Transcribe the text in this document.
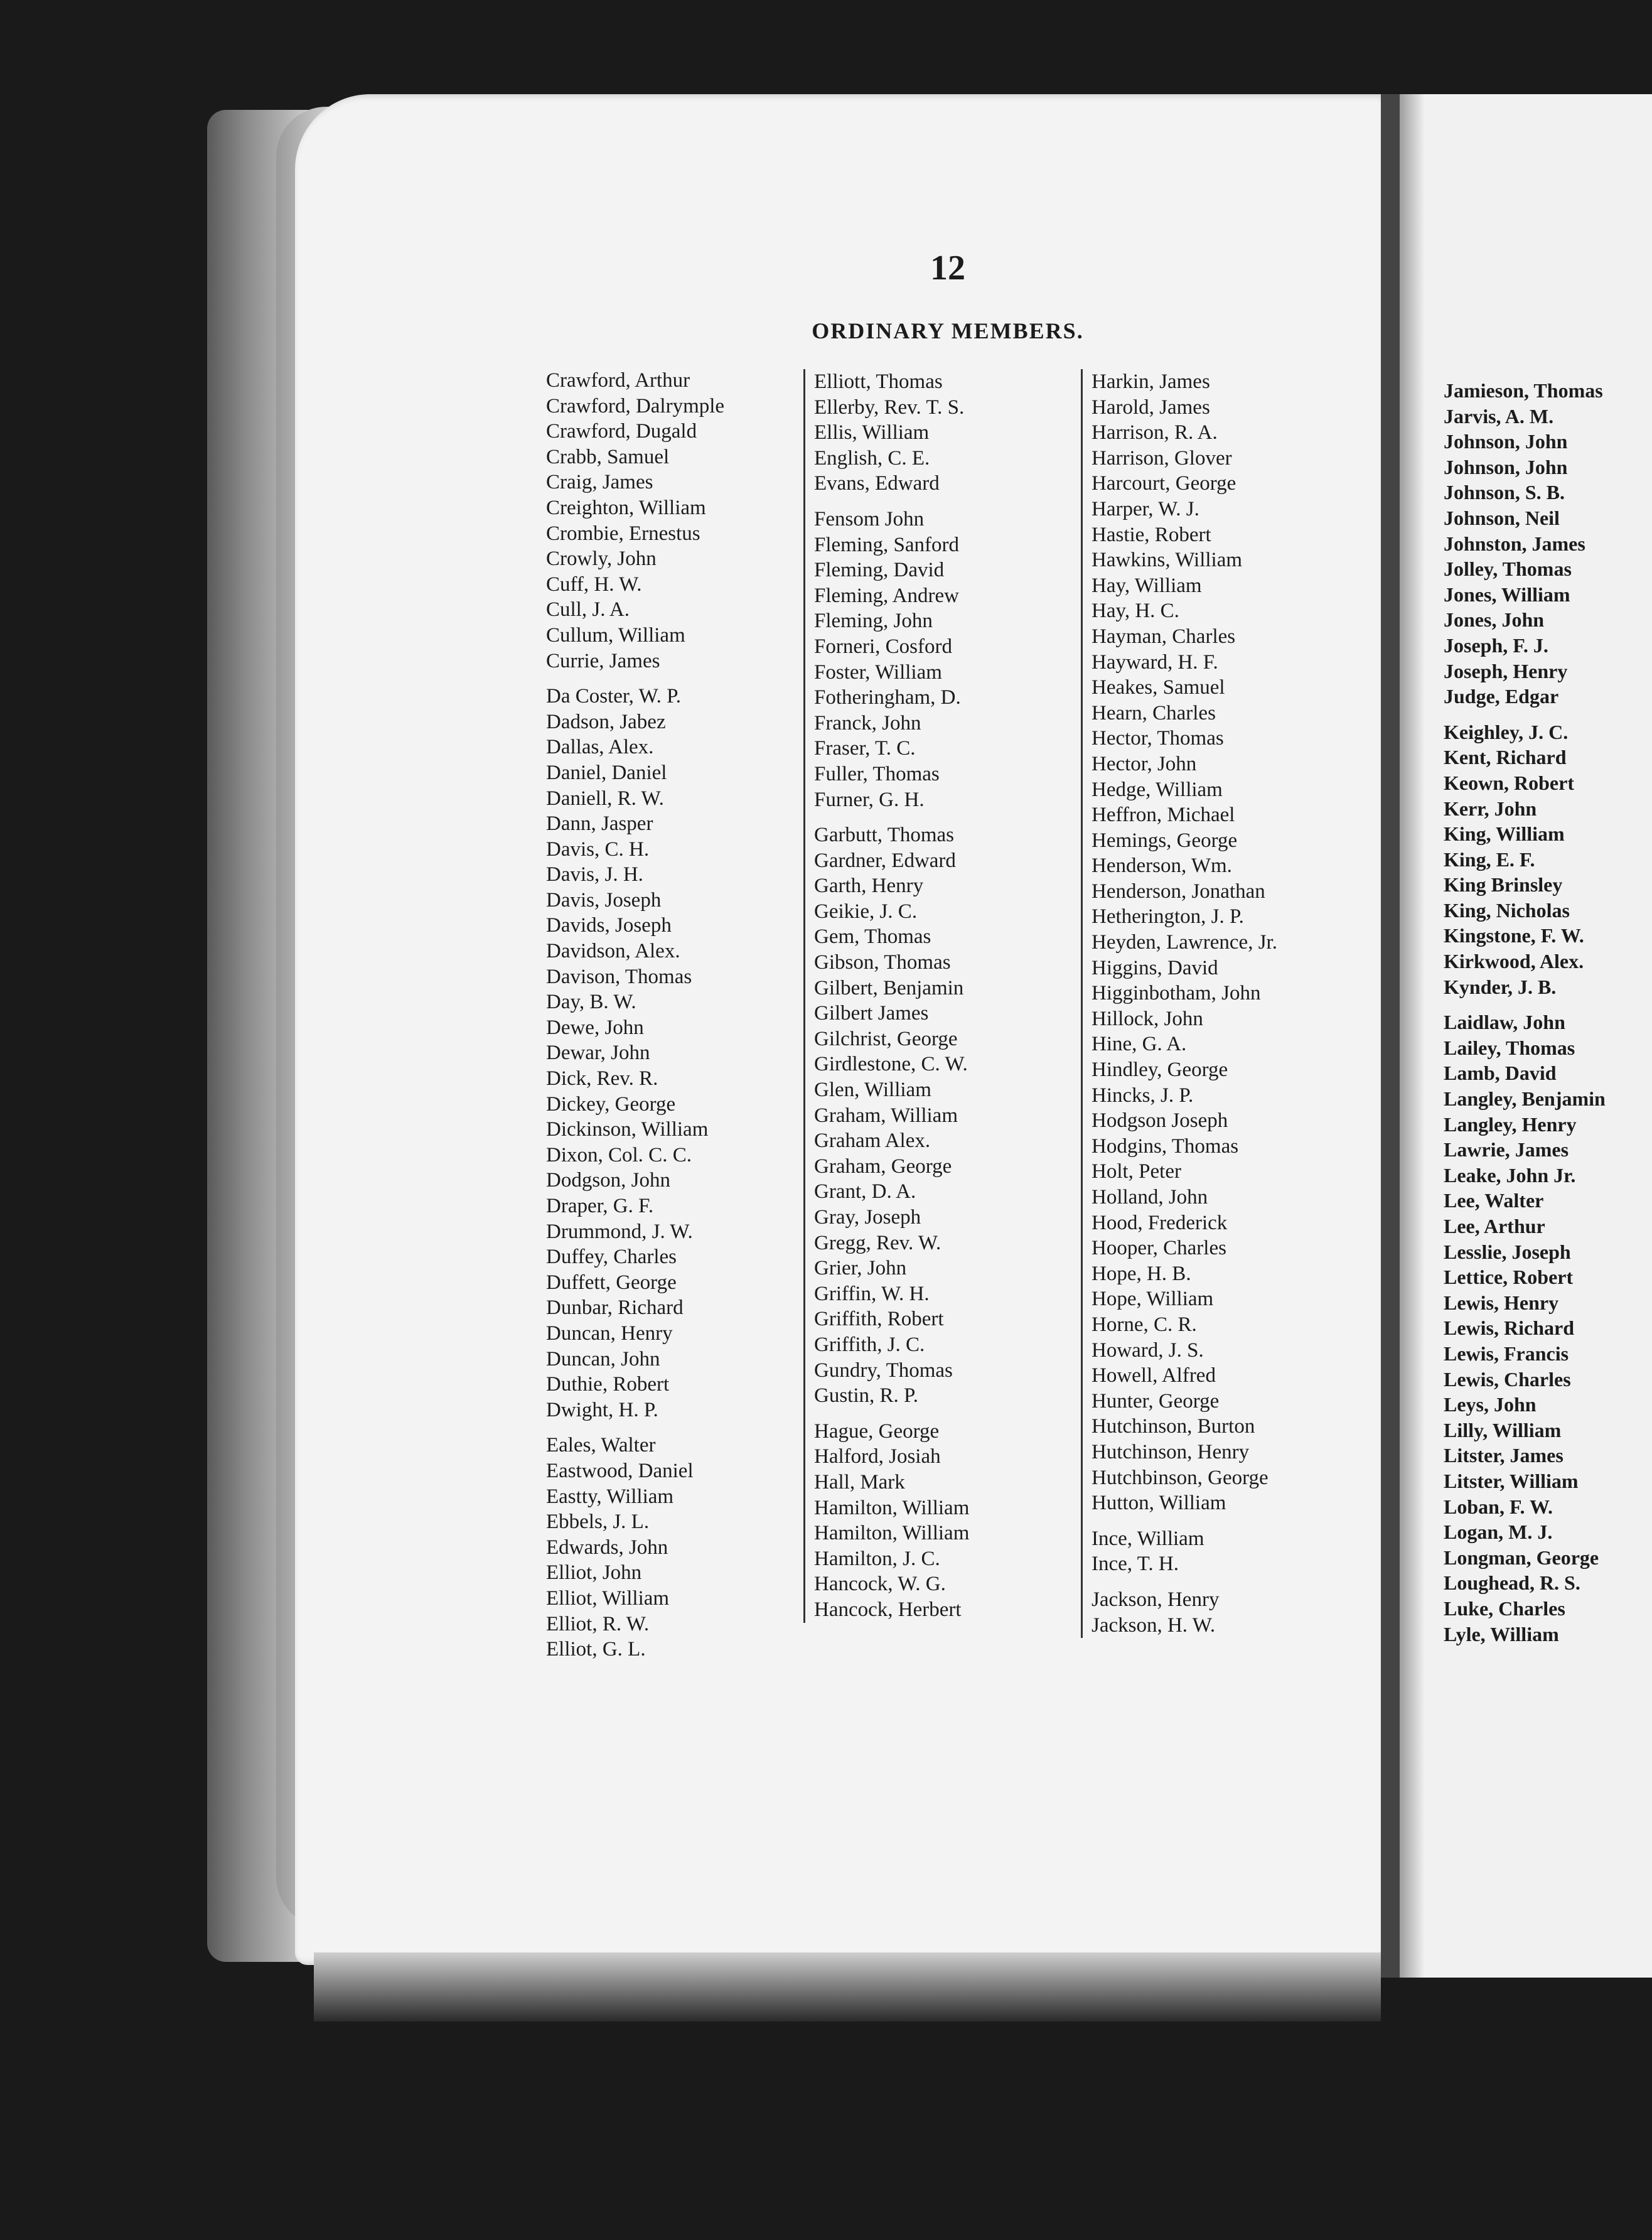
12
ORDINARY MEMBERS.
Crawford, Arthur
Crawford, Dalrymple
Crawford, Dugald
Crabb, Samuel
Craig, James
Creighton, William
Crombie, Ernestus
Crowly, John
Cuff, H. W.
Cull, J. A.
Cullum, William
Currie, James
Da Coster, W. P.
Dadson, Jabez
Dallas, Alex.
Daniel, Daniel
Daniell, R. W.
Dann, Jasper
Davis, C. H.
Davis, J. H.
Davis, Joseph
Davids, Joseph
Davidson, Alex.
Davison, Thomas
Day, B. W.
Dewe, John
Dewar, John
Dick, Rev. R.
Dickey, George
Dickinson, William
Dixon, Col. C. C.
Dodgson, John
Draper, G. F.
Drummond, J. W.
Duffey, Charles
Duffett, George
Dunbar, Richard
Duncan, Henry
Duncan, John
Duthie, Robert
Dwight, H. P.
Eales, Walter
Eastwood, Daniel
Eastty, William
Ebbels, J. L.
Edwards, John
Elliot, John
Elliot, William
Elliot, R. W.
Elliot, G. L.
Elliott, Thomas
Ellerby, Rev. T. S.
Ellis, William
English, C. E.
Evans, Edward
Fensom John
Fleming, Sanford
Fleming, David
Fleming, Andrew
Fleming, John
Forneri, Cosford
Foster, William
Fotheringham, D.
Franck, John
Fraser, T. C.
Fuller, Thomas
Furner, G. H.
Garbutt, Thomas
Gardner, Edward
Garth, Henry
Geikie, J. C.
Gem, Thomas
Gibson, Thomas
Gilbert, Benjamin
Gilbert James
Gilchrist, George
Girdlestone, C. W.
Glen, William
Graham, William
Graham Alex.
Graham, George
Grant, D. A.
Gray, Joseph
Gregg, Rev. W.
Grier, John
Griffin, W. H.
Griffith, Robert
Griffith, J. C.
Gundry, Thomas
Gustin, R. P.
Hague, George
Halford, Josiah
Hall, Mark
Hamilton, William
Hamilton, William
Hamilton, J. C.
Hancock, W. G.
Hancock, Herbert
Harkin, James
Harold, James
Harrison, R. A.
Harrison, Glover
Harcourt, George
Harper, W. J.
Hastie, Robert
Hawkins, William
Hay, William
Hay, H. C.
Hayman, Charles
Hayward, H. F.
Heakes, Samuel
Hearn, Charles
Hector, Thomas
Hector, John
Hedge, William
Heffron, Michael
Hemings, George
Henderson, Wm.
Henderson, Jonathan
Hetherington, J. P.
Heyden, Lawrence, Jr.
Higgins, David
Higginbotham, John
Hillock, John
Hine, G. A.
Hindley, George
Hincks, J. P.
Hodgson Joseph
Hodgins, Thomas
Holt, Peter
Holland, John
Hood, Frederick
Hooper, Charles
Hope, H. B.
Hope, William
Horne, C. R.
Howard, J. S.
Howell, Alfred
Hunter, George
Hutchinson, Burton
Hutchinson, Henry
Hutchbinson, George
Hutton, William
Ince, William
Ince, T. H.
Jackson, Henry
Jackson, H. W.
Jamieson, Thomas
Jarvis, A. M.
Johnson, John
Johnson, John
Johnson, S. B.
Johnson, Neil
Johnston, James
Jolley, Thomas
Jones, William
Jones, John
Joseph, F. J.
Joseph, Henry
Judge, Edgar
Keighley, J. C.
Kent, Richard
Keown, Robert
Kerr, John
King, William
King, E. F.
King Brinsley
King, Nicholas
Kingstone, F. W.
Kirkwood, Alex.
Kynder, J. B.
Laidlaw, John
Lailey, Thomas
Lamb, David
Langley, Benjamin
Langley, Henry
Lawrie, James
Leake, John Jr.
Lee, Walter
Lee, Arthur
Lesslie, Joseph
Lettice, Robert
Lewis, Henry
Lewis, Richard
Lewis, Francis
Lewis, Charles
Leys, John
Lilly, William
Litster, James
Litster, William
Loban, F. W.
Logan, M. J.
Longman, George
Loughead, R. S.
Luke, Charles
Lyle, William
